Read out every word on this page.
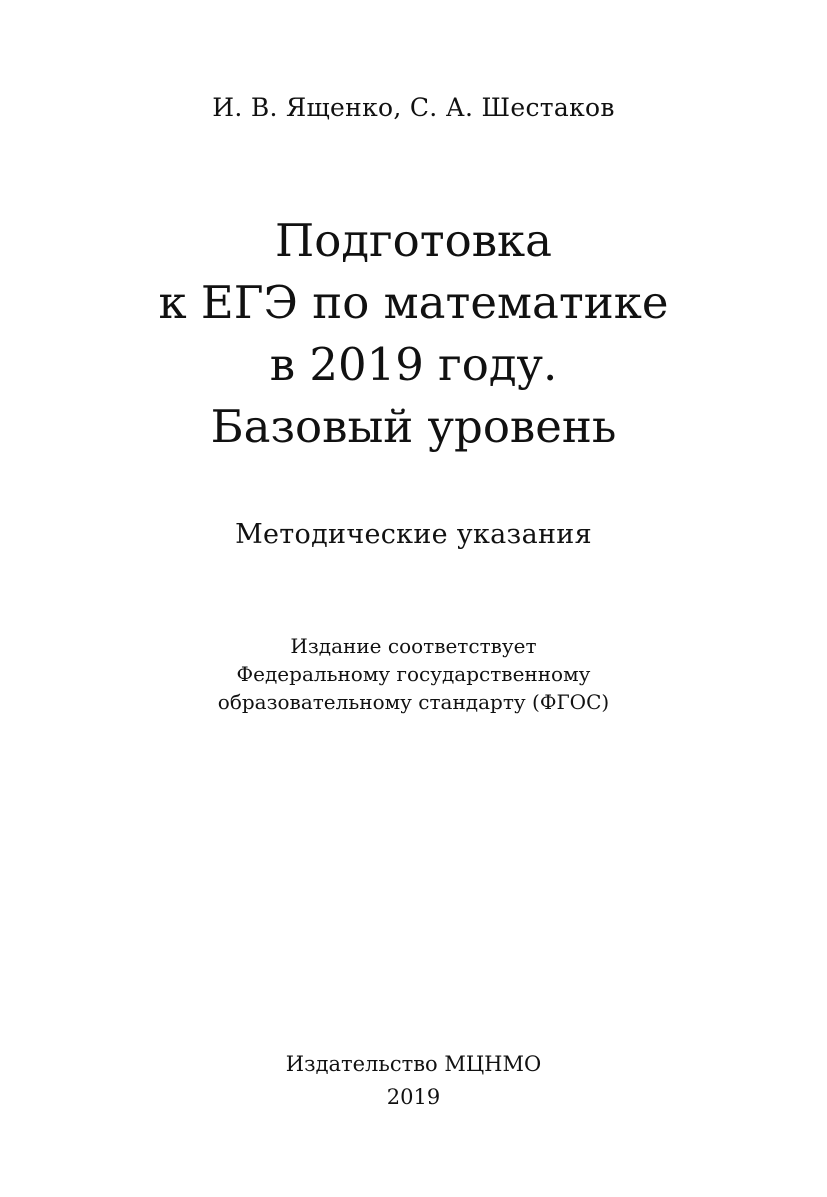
И. В. Ященко, С. А. Шестаков
Подготовка
к ЕГЭ по математике
в 2019 году.
Базовый уровень
Методические указания
Издание соответствует
Федеральному государственному
образовательному стандарту (ФГОС)
Издательство МЦНМО
2019
